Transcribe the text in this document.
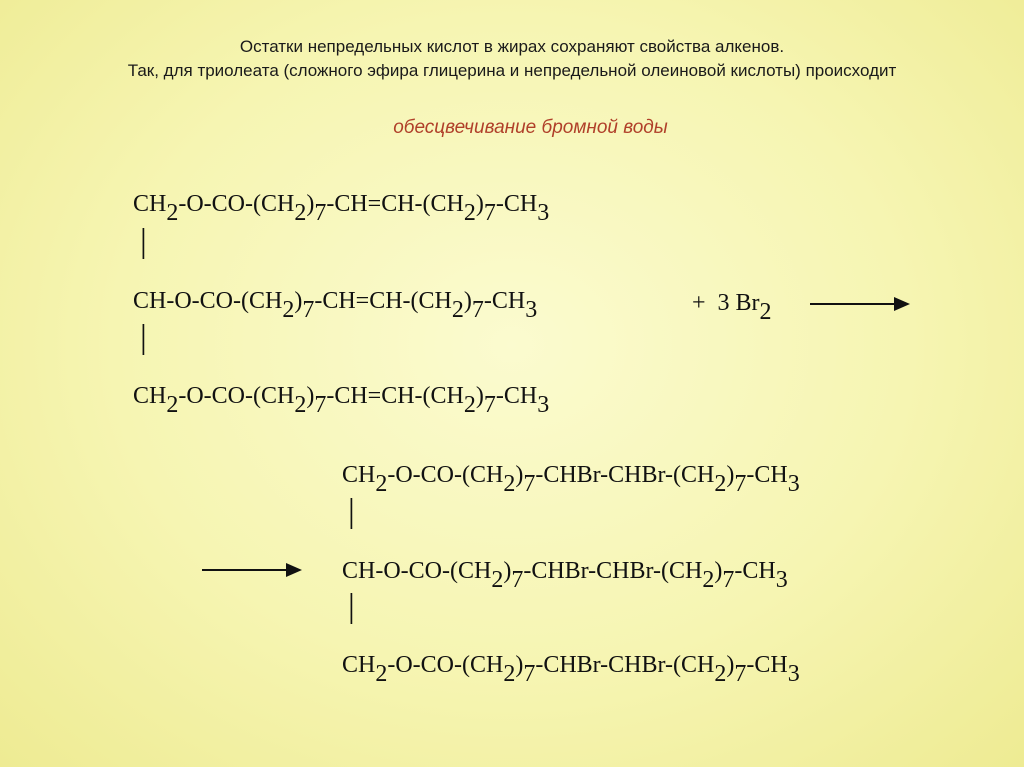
Остатки непредельных кислот в жирах сохраняют свойства алкенов.
Так, для триолеата (сложного эфира глицерина и непредельной олеиновой кислоты) происходит
обесцвечивание бромной воды
$CH_2-O-CO-(CH_2)_7-CH=CH-(CH_2)_7-CH_3$
|
$CH-O-CO-(CH_2)_7-CH=CH-(CH_2)_7-CH_3$
|
$CH_2-O-CO-(CH_2)_7-CH=CH-(CH_2)_7-CH_3$
+ 3 $Br_2$
$CH_2-O-CO-(CH_2)_7-CHBr-CHBr-(CH_2)_7-CH_3$
|
$CH-O-CO-(CH_2)_7-CHBr-CHBr-(CH_2)_7-CH_3$
|
$CH_2-O-CO-(CH_2)_7-CHBr-CHBr-(CH_2)_7-CH_3$
